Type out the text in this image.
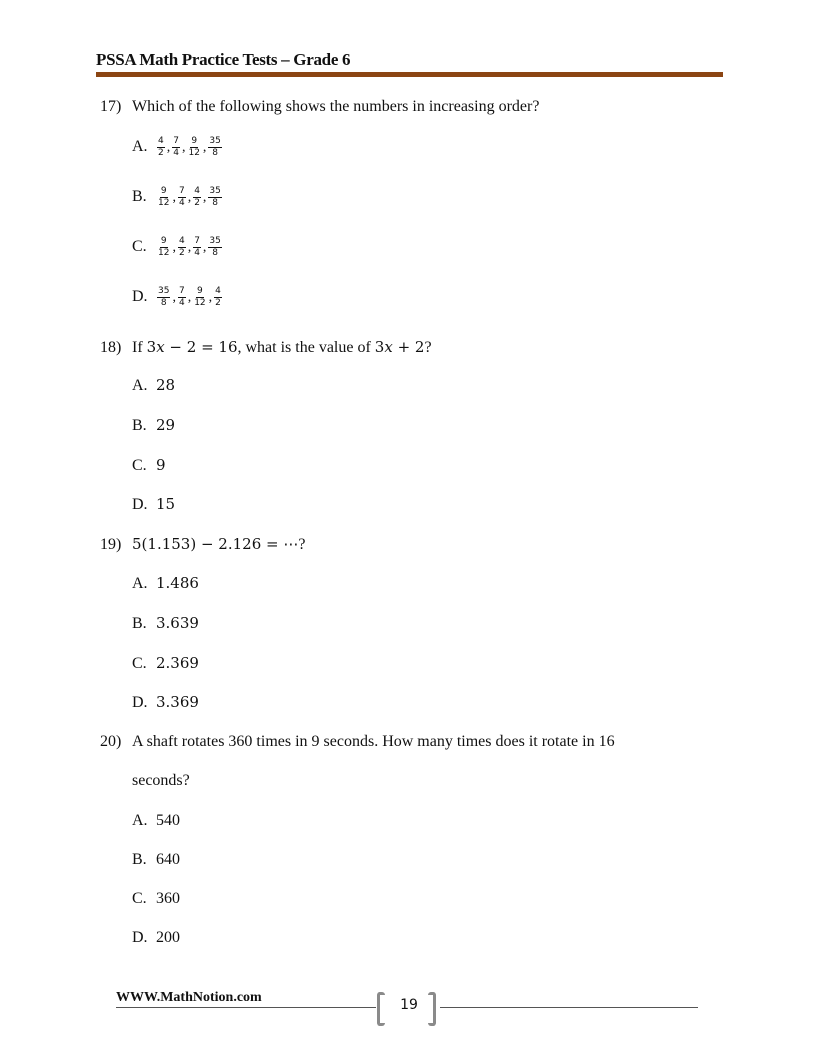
PSSA Math Practice Tests – Grade 6
17) Which of the following shows the numbers in increasing order?
A. $\frac{4}{2}$ , $\frac{7}{4}$ , $\frac{9}{12}$ , $\frac{35}{8}$
B. $\frac{9}{12}$ , $\frac{7}{4}$ , $\frac{4}{2}$ , $\frac{35}{8}$
C. $\frac{9}{12}$ , $\frac{4}{2}$ , $\frac{7}{4}$ , $\frac{35}{8}$
D. $\frac{35}{8}$ , $\frac{7}{4}$ , $\frac{9}{12}$ , $\frac{4}{2}$
18) If 3𝑥 − 2 = 16, what is the value of 3𝑥 + 2?
A. 28
B. 29
C. 9
D. 15
19) 5(1.153) − 2.126 = ⋯?
A. 1.486
B. 3.639
C. 2.369
D. 3.369
20) A shaft rotates 360 times in 9 seconds. How many times does it rotate in 16
seconds?
A. 540
B. 640
C. 360
D. 200
WWW.MathNotion.com	19
